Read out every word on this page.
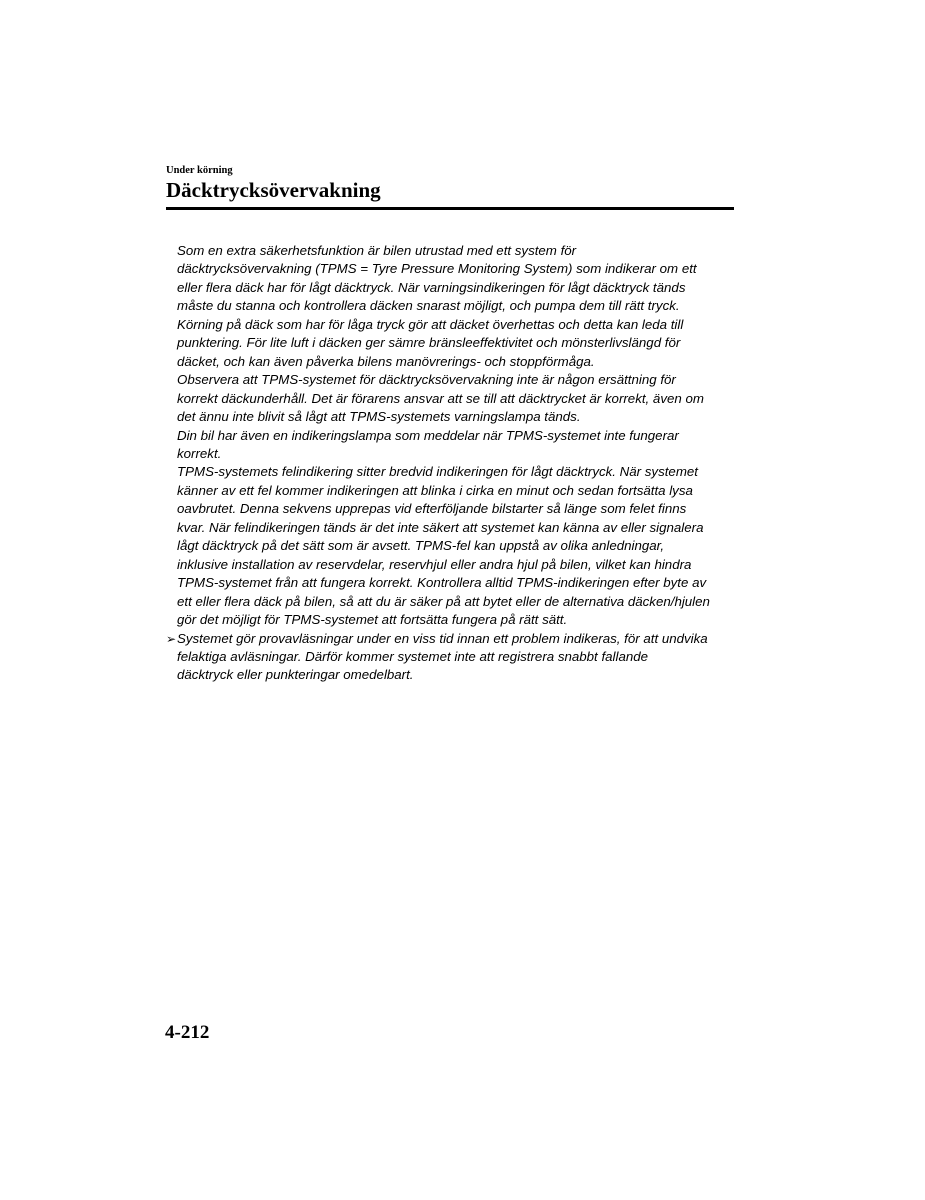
Under körning
Däcktrycksövervakning
Som en extra säkerhetsfunktion är bilen utrustad med ett system för
däcktrycksövervakning (TPMS = Tyre Pressure Monitoring System) som indikerar om ett
eller flera däck har för lågt däcktryck. När varningsindikeringen för lågt däcktryck tänds
måste du stanna och kontrollera däcken snarast möjligt, och pumpa dem till rätt tryck.
Körning på däck som har för låga tryck gör att däcket överhettas och detta kan leda till
punktering. För lite luft i däcken ger sämre bränsleeffektivitet och mönsterlivslängd för
däcket, och kan även påverka bilens manövrerings- och stoppförmåga.
Observera att TPMS-systemet för däcktrycksövervakning inte är någon ersättning för
korrekt däckunderhåll. Det är förarens ansvar att se till att däcktrycket är korrekt, även om
det ännu inte blivit så lågt att TPMS-systemets varningslampa tänds.
Din bil har även en indikeringslampa som meddelar när TPMS-systemet inte fungerar
korrekt.
TPMS-systemets felindikering sitter bredvid indikeringen för lågt däcktryck. När systemet
känner av ett fel kommer indikeringen att blinka i cirka en minut och sedan fortsätta lysa
oavbrutet. Denna sekvens upprepas vid efterföljande bilstarter så länge som felet finns
kvar. När felindikeringen tänds är det inte säkert att systemet kan känna av eller signalera
lågt däcktryck på det sätt som är avsett. TPMS-fel kan uppstå av olika anledningar,
inklusive installation av reservdelar, reservhjul eller andra hjul på bilen, vilket kan hindra
TPMS-systemet från att fungera korrekt. Kontrollera alltid TPMS-indikeringen efter byte av
ett eller flera däck på bilen, så att du är säker på att bytet eller de alternativa däcken/hjulen
gör det möjligt för TPMS-systemet att fortsätta fungera på rätt sätt.
➢ Systemet gör provavläsningar under en viss tid innan ett problem indikeras, för att undvika
felaktiga avläsningar. Därför kommer systemet inte att registrera snabbt fallande
däcktryck eller punkteringar omedelbart.
4-212
